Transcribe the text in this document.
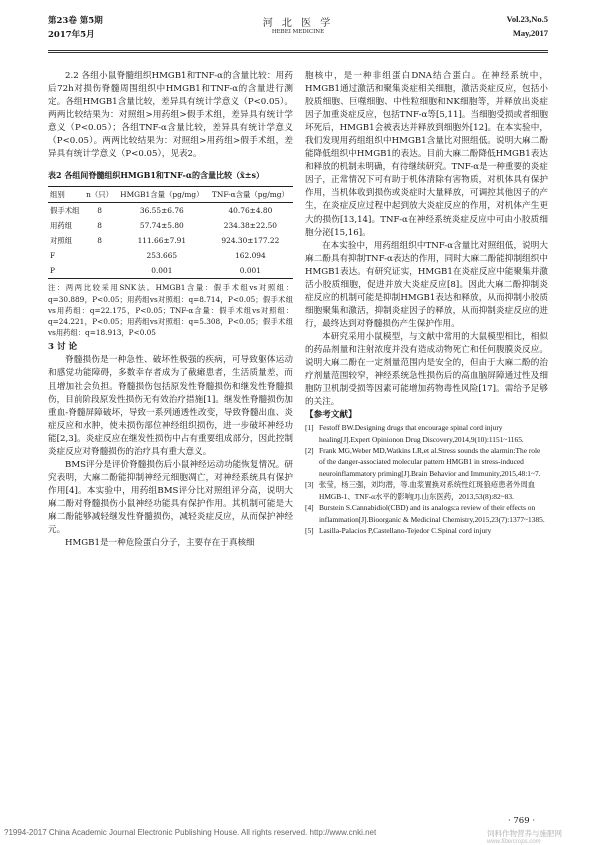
第23卷 第5期
2017年5月
河 北 医 学
HEBEI MEDICINE
Vol.23,No.5
May,2017

2.2 各组小鼠脊髓组织HMGB1和TNF-α的含量比较：用药后72h对损伤脊髓周围组织中HMGB1和TNF-α的含量进行测定。各组HMGB1含量比较，差异具有统计学意义（P<0.05）。两两比较结果为：对照组>用药组>假手术组，差异具有统计学意义（P<0.05）；各组TNF-α含量比较，差异具有统计学意义（P<0.05）。两两比较结果为：对照组>用药组>假手术组，差异具有统计学意义（P<0.05），见表2。

表2 各组间脊髓组织HMGB1和TNF-α的含量比较（x̄±s）
组别	n（只）	HMGB1含量（pg/mg）	TNF-α含量（pg/mg）
假手术组	8	36.55±6.76	40.76±4.80
用药组	8	57.74±5.80	234.38±22.50
对照组	8	111.66±7.91	924.30±177.22
F		253.665	162.094
P		0.001	0.001
注：两两比较采用SNK法。HMGB1含量：假手术组vs对照组：q=30.889，P<0.05；用药组vs对照组：q=8.714，P<0.05；假手术组vs用药组：q=22.175，P<0.05；TNF-α含量：假手术组vs对照组：q=24.221，P<0.05；用药组vs对照组：q=5.308，P<0.05；假手术组vs用药组：q=18.913，P<0.05

3 讨 论

脊髓损伤是一种急性、破坏性极强的疾病，可导致躯体运动和感觉功能障碍，多数幸存者成为了截瘫患者，生活质量差，而且增加社会负担。脊髓损伤包括原发性脊髓损伤和继发性脊髓损伤，目前阶段原发性损伤无有效治疗措施[1]。继发性脊髓损伤加重血-脊髓屏障破坏，导致一系列通透性改变，导致脊髓出血、炎症反应和水肿，使未损伤部位神经组织损伤，进一步破坏神经功能[2,3]。炎症反应在继发性损伤中占有重要组成部分，因此控制炎症反应对脊髓损伤的治疗具有重大意义。

BMS评分是评价脊髓损伤后小鼠神经运动功能恢复情况。研究表明，大麻二酚能抑制神经元细胞凋亡，对神经系统具有保护作用[4]。本实验中，用药组BMS评分比对照组评分高，说明大麻二酚对脊髓损伤小鼠神经功能具有保护作用。其机制可能是大麻二酚能够减轻继发性脊髓损伤，减轻炎症反应，从而保护神经元。

HMGB1是一种危险蛋白分子，主要存在于真核细

胞核中，是一种非组蛋白DNA结合蛋白。在神经系统中，HMGB1通过激活和聚集炎症相关细胞，激活炎症反应，包括小胶质细胞、巨噬细胞、中性粒细胞和NK细胞等，并释放出炎症因子加重炎症反应，包括TNF-α等[5,11]。当细胞受损或者细胞坏死后，HMGB1会被表达并释放到细胞外[12]。在本实验中，我们发现用药组组织中HMGB1含量比对照组低。说明大麻二酚能降低组织中HMGB1的表达。目前大麻二酚降低HMGB1表达和释放的机制未明确，有待继续研究。TNF-α是一种重要的炎症因子，正常情况下可有助于机体清除有害物质，对机体具有保护作用，当机体收到损伤或炎症时大量释放，可调控其他因子的产生，在炎症反应过程中起到放大炎症反应的作用，对机体产生更大的损伤[13,14]。TNF-α在神经系统炎症反应中可由小胶质细胞分泌[15,16]。

在本实验中，用药组组织中TNF-α含量比对照组低，说明大麻二酚具有抑制TNF-α表达的作用，同时大麻二酚能抑制组织中HMGB1表达。有研究证实，HMGB1在炎症反应中能聚集并激活小胶质细胞，促进并放大炎症反应[8]。因此大麻二酚抑制炎症反应的机制可能是抑制HMGB1表达和释放，从而抑制小胶质细胞聚集和激活，抑制炎症因子的释放，从而抑制炎症反应的进行，最终达到对脊髓损伤产生保护作用。

本研究采用小鼠模型，与文献中常用的大鼠模型相比，相似的药品剂量和注射浓度并没有造成动物死亡和任何腹膜炎反应。说明大麻二酚在一定剂量范围内是安全的，但由于大麻二酚的治疗剂量范围较窄，神经系统急性损伤后的高血脑屏障通过性及细胞防卫机制受损等因素可能增加药物毒性风险[17]。需给予足够的关注。

【参考文献】

[1] Festoff BW.Designing drugs that encourage spinal cord injury healing[J].Expert Opinionon Drug Discovery,2014,9(10):1151~1165.

[2] Frank MG,Weber MD,Watkins LR,et al.Stress sounds the alarmin:The role of the danger-associated molecular pattern HMGB1 in stress-induced neuroinflammatory priming[J].Brain Behavior and Immunity,2015,48:1~7.

[3] 张莹，杨三强，刘均潜，等.血浆置换对系统性红斑狼疮患者外周血HMGB-1、TNF-α水平的影响[J].山东医药，2013,53(8):82~83.

[4] Burstein S.Cannabidiol(CBD) and its analogs:a review of their effects on inflammation[J].Bioorganic & Medicinal Chemistry,2015,23(7):1377~1385.

[5] Lasilla-Palacios P,Castellano-Tejedor C.Spinal cord injury

· 769 ·
?1994-2017 China Academic Journal Electronic Publishing House. All rights reserved. http://www.cnki.net	饲料作物营养与施肥网
www.fibercrops.com
